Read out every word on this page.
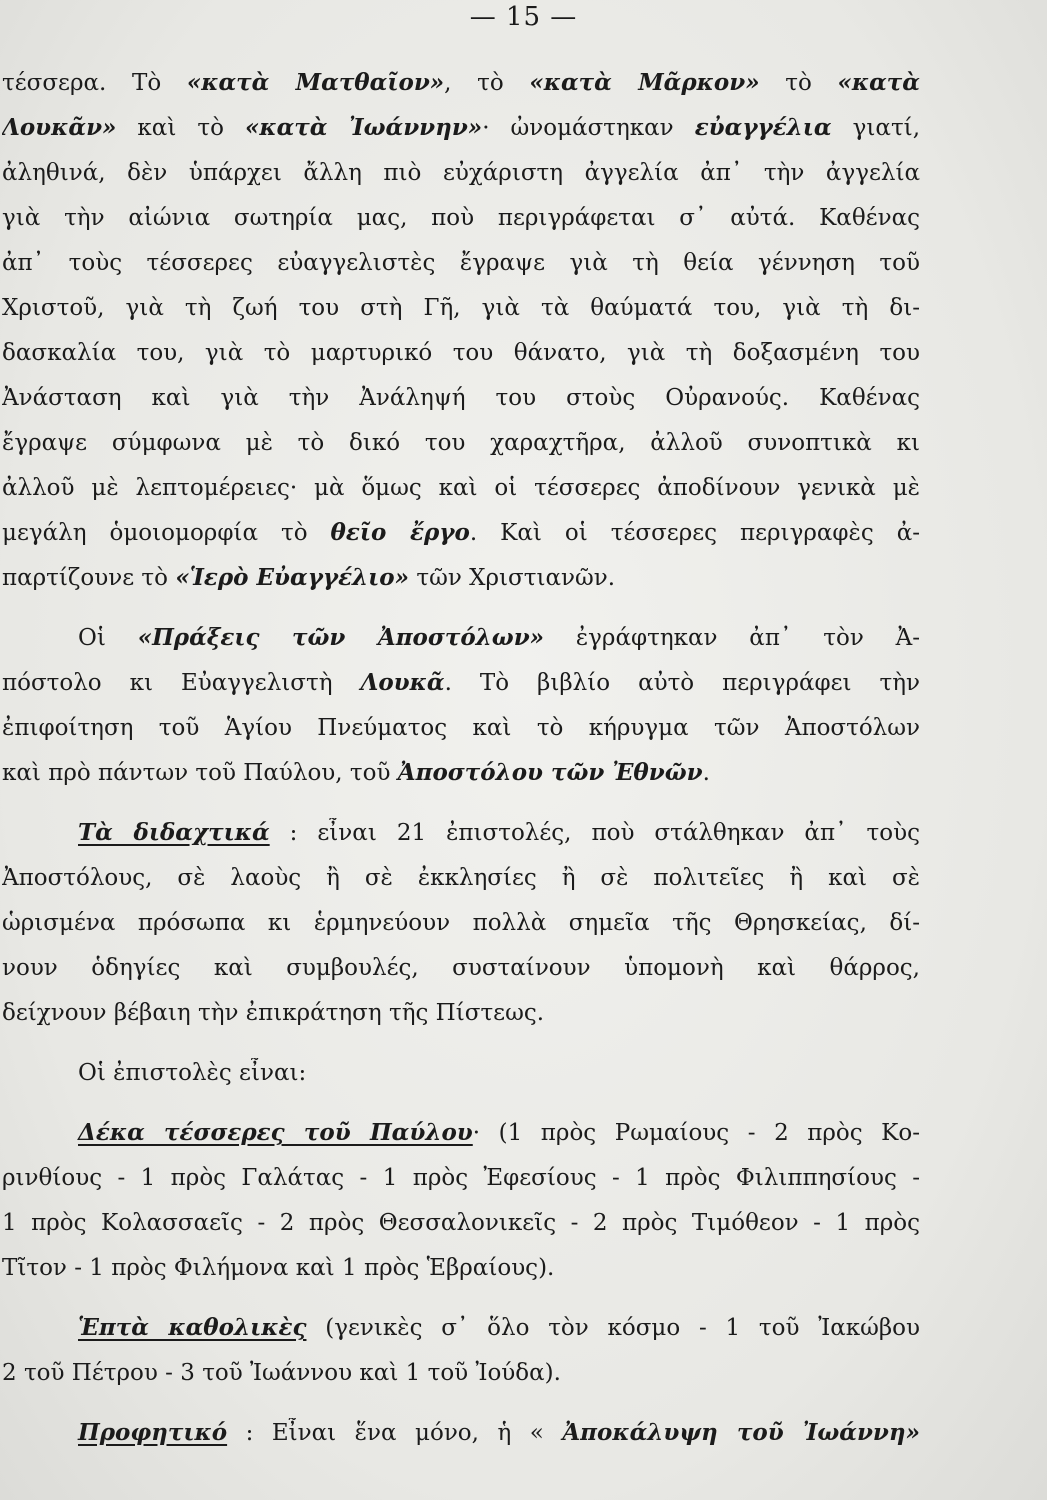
— 15 —
τέσσερα. Τὸ «κατὰ Ματθαῖον», τὸ «κατὰ Μᾶρκον» τὸ «κατὰ
Λουκᾶν» καὶ τὸ «κατὰ Ἰωάννην»· ὠνομάστηκαν εὐαγγέλια γιατί,
ἀληθινά, δὲν ὑπάρχει ἄλλη πιὸ εὐχάριστη ἀγγελία ἀπ᾽ τὴν ἀγγελία
γιὰ τὴν αἰώνια σωτηρία μας, ποὺ περιγράφεται σ᾽ αὐτά. Καθένας
ἀπ᾽ τοὺς τέσσερες εὐαγγελιστὲς ἔγραψε γιὰ τὴ θεία γέννηση τοῦ
Χριστοῦ, γιὰ τὴ ζωή του στὴ Γῆ, γιὰ τὰ θαύματά του, γιὰ τὴ δι-
δασκαλία του, γιὰ τὸ μαρτυρικό του θάνατο, γιὰ τὴ δοξασμένη του
Ἀνάσταση καὶ γιὰ τὴν Ἀνάληψή του στοὺς Οὐρανούς. Καθένας
ἔγραψε σύμφωνα μὲ τὸ δικό του χαραχτῆρα, ἀλλοῦ συνοπτικὰ κι
ἀλλοῦ μὲ λεπτομέρειες· μὰ ὅμως καὶ οἱ τέσσερες ἀποδίνουν γενικὰ μὲ
μεγάλη ὁμοιομορφία τὸ θεῖο ἔργο. Καὶ οἱ τέσσερες περιγραφὲς ἀ-
παρτίζουνε τὸ «Ἱερὸ Εὐαγγέλιο» τῶν Χριστιανῶν.
Οἱ «Πράξεις τῶν Ἀποστόλων» ἐγράφτηκαν ἀπ᾽ τὸν Ἀ-
πόστολο κι Εὐαγγελιστὴ Λουκᾶ. Τὸ βιβλίο αὐτὸ περιγράφει τὴν
ἐπιφοίτηση τοῦ Ἁγίου Πνεύματος καὶ τὸ κήρυγμα τῶν Ἀποστόλων
καὶ πρὸ πάντων τοῦ Παύλου, τοῦ Ἀποστόλου τῶν Ἐθνῶν.
Τὰ διδαχτικά : εἶναι 21 ἐπιστολές, ποὺ στάλθηκαν ἀπ᾽ τοὺς
Ἀποστόλους, σὲ λαοὺς ἢ σὲ ἐκκλησίες ἢ σὲ πολιτεῖες ἢ καὶ σὲ
ὡρισμένα πρόσωπα κι ἑρμηνεύουν πολλὰ σημεῖα τῆς Θρησκείας, δί-
νουν ὁδηγίες καὶ συμβουλές, συσταίνουν ὑπομονὴ καὶ θάρρος,
δείχνουν βέβαιη τὴν ἐπικράτηση τῆς Πίστεως.
Οἱ ἐπιστολὲς εἶναι:
Δέκα τέσσερες τοῦ Παύλου· (1 πρὸς Ρωμαίους - 2 πρὸς Κο-
ρινθίους - 1 πρὸς Γαλάτας - 1 πρὸς Ἐφεσίους - 1 πρὸς Φιλιππησίους -
1 πρὸς Κολασσαεῖς - 2 πρὸς Θεσσαλονικεῖς - 2 πρὸς Τιμόθεον - 1 πρὸς
Τῖτον - 1 πρὸς Φιλήμονα καὶ 1 πρὸς Ἑβραίους).
Ἑπτὰ καθολικὲς (γενικὲς σ᾽ ὅλο τὸν κόσμο - 1 τοῦ Ἰακώβου
2 τοῦ Πέτρου - 3 τοῦ Ἰωάννου καὶ 1 τοῦ Ἰούδα).
Προφητικό : Εἶναι ἕνα μόνο, ἡ « Ἀποκάλυψη τοῦ Ἰωάννη»
